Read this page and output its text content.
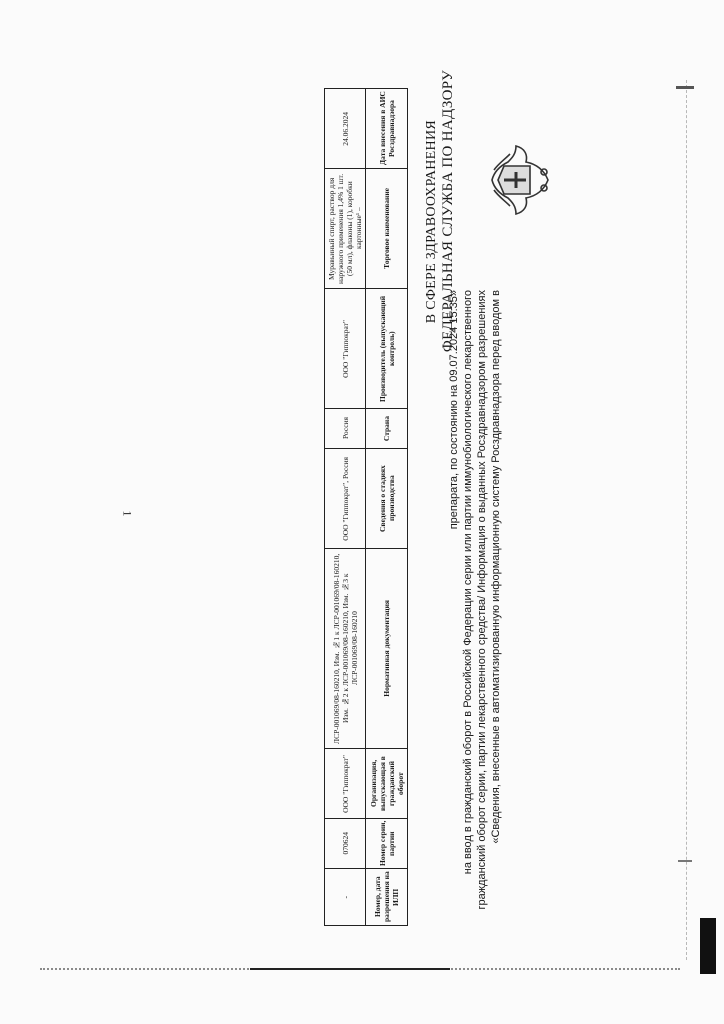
ФЕДЕРАЛЬНАЯ СЛУЖБА ПО НАДЗОРУ
В СФЕРЕ ЗДРАВООХРАНЕНИЯ
«Сведения, внесенные в автоматизированную информационную систему Росздравнадзора перед вводом в
гражданский оборот серии, партии лекарственного средства/ Информация о выданных Росздравнадзором разрешениях
на ввод в гражданский оборот в Российской Федерации серии или партии иммунобиологического лекарственного
препарата, по состоянию на 09.07.2024 15:35»
Дата внесения в АИС Росздравнадзора
24.06.2024
Торговое наименование
Муравьиный спирт, раствор для наружного применения 1,4% 1 шт. (50 мл), флаконы (1), коробки картонные¹ –
Производитель (выпускающий контроль)
ООО "Гиппократ"
Страна
Россия
Сведения о стадиях производства
ООО "Гиппократ", Россия
Нормативная документация
ЛСР-001069/08-160210, Изм. №1 к ЛСР-001069/08-160210, Изм. №2 к ЛСР-001069/08-160210, Изм. №3 к ЛСР-001069/08-160210
Организация, выпускающая в гражданский оборот
ООО "Гиппократ"
Номер серии, партии
070624
Номер, дата разрешения на ИЛП
-
1
